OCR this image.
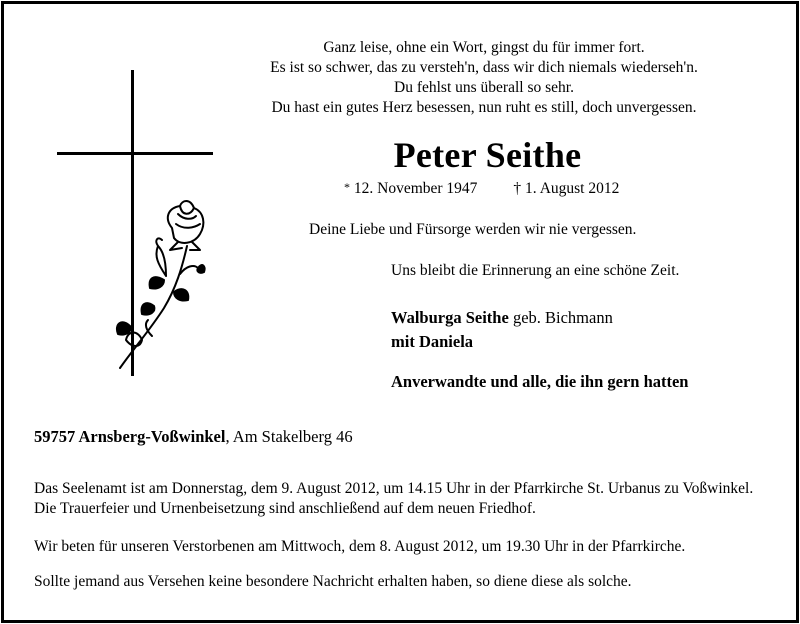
Ganz leise, ohne ein Wort, gingst du für immer fort.
Es ist so schwer, das zu versteh'n, dass wir dich niemals wiederseh'n.
Du fehlst uns überall so sehr.
Du hast ein gutes Herz besessen, nun ruht es still, doch unvergessen.
Peter Seithe
* 12. November 1947 † 1. August 2012
Deine Liebe und Fürsorge werden wir nie vergessen.
Uns bleibt die Erinnerung an eine schöne Zeit.
Walburga Seithe geb. Bichmann
mit Daniela
Anverwandte und alle, die ihn gern hatten
59757 Arnsberg-Voßwinkel, Am Stakelberg 46
Das Seelenamt ist am Donnerstag, dem 9. August 2012, um 14.15 Uhr in der Pfarrkirche St. Urbanus zu Voßwinkel. Die Trauerfeier und Urnenbeisetzung sind anschließend auf dem neuen Friedhof.
Wir beten für unseren Verstorbenen am Mittwoch, dem 8. August 2012, um 19.30 Uhr in der Pfarrkirche.
Sollte jemand aus Versehen keine besondere Nachricht erhalten haben, so diene diese als solche.
